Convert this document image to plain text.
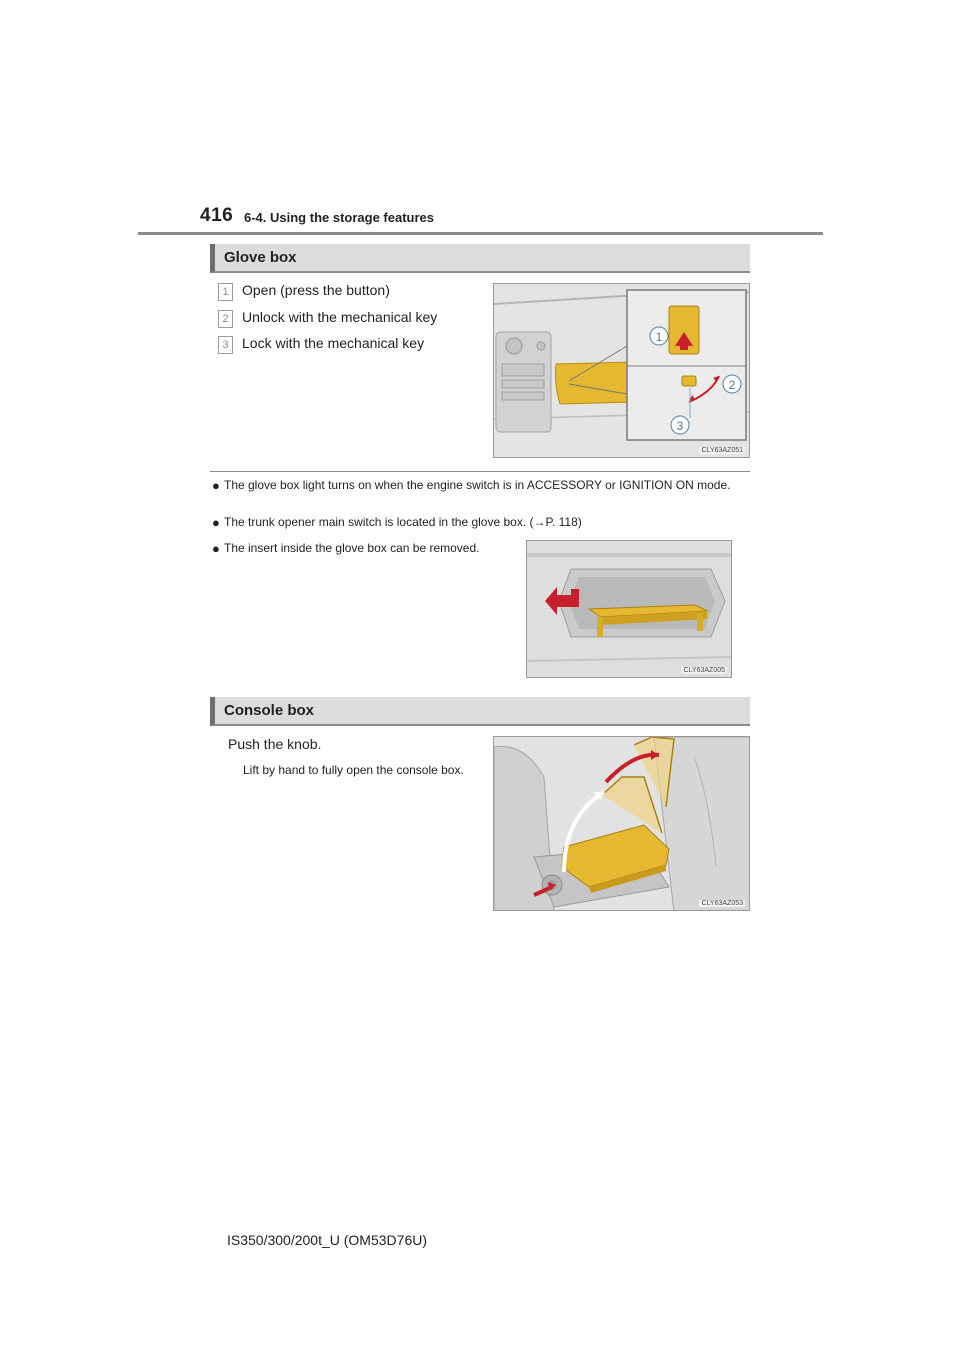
416 6-4. Using the storage features
Glove box
1 Open (press the button)
2 Unlock with the mechanical key
3 Lock with the mechanical key	1
2
3
CLY63AZ051
● The glove box light turns on when the engine switch is in ACCESSORY or IGNITION ON mode.
● The trunk opener main switch is located in the glove box. (→P. 118)
● The insert inside the glove box can be removed.
CLY63AZ005
Console box
Push the knob.
Lift by hand to fully open the console box.
CLY63AZ053
IS350/300/200t_U (OM53D76U)
